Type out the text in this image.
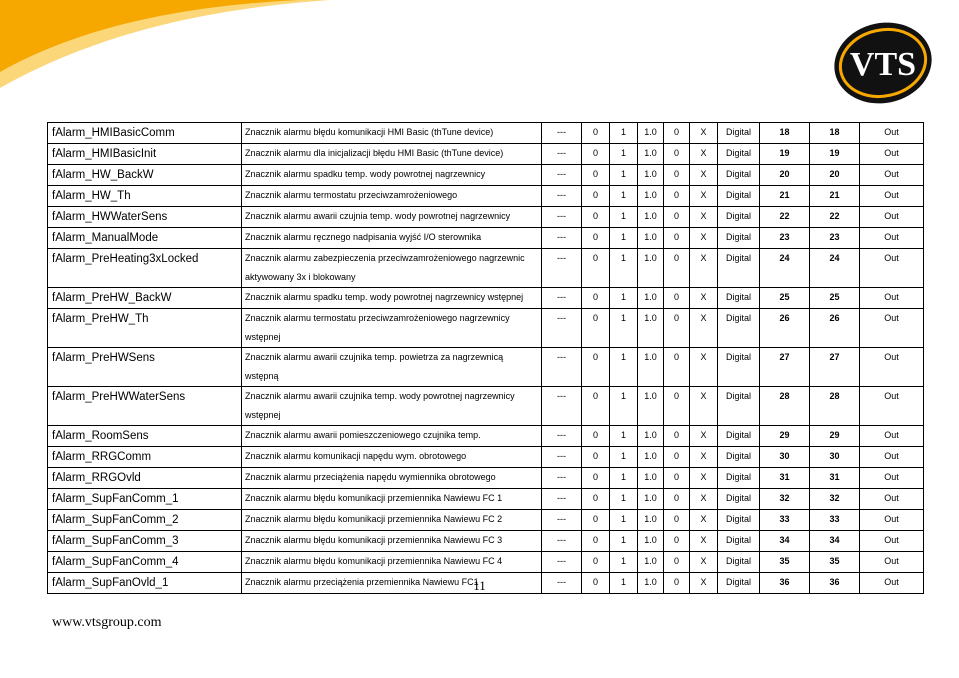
VTS
fAlarm_HMIBasicComm	Znacznik alarmu błędu komunikacji HMI Basic (thTune device)	---	0	1	1.0	0	X	Digital	18	18	Out
fAlarm_HMIBasicInit	Znacznik alarmu dla inicjalizacji błędu HMI Basic (thTune device)	---	0	1	1.0	0	X	Digital	19	19	Out
fAlarm_HW_BackW	Znacznik alarmu spadku temp. wody powrotnej nagrzewnicy	---	0	1	1.0	0	X	Digital	20	20	Out
fAlarm_HW_Th	Znacznik alarmu termostatu przeciwzamrożeniowego	---	0	1	1.0	0	X	Digital	21	21	Out
fAlarm_HWWaterSens	Znacznik alarmu awarii czujnia temp. wody powrotnej nagrzewnicy	---	0	1	1.0	0	X	Digital	22	22	Out
fAlarm_ManualMode	Znacznik alarmu ręcznego nadpisania wyjść I/O sterownika	---	0	1	1.0	0	X	Digital	23	23	Out
fAlarm_PreHeating3xLocked	Znacznik alarmu zabezpieczenia przeciwzamrożeniowego nagrzewnic aktywowany 3x i blokowany	---	0	1	1.0	0	X	Digital	24	24	Out
fAlarm_PreHW_BackW	Znacznik alarmu spadku temp. wody powrotnej nagrzewnicy wstępnej	---	0	1	1.0	0	X	Digital	25	25	Out
fAlarm_PreHW_Th	Znacznik alarmu termostatu przeciwzamrożeniowego nagrzewnicy wstępnej	---	0	1	1.0	0	X	Digital	26	26	Out
fAlarm_PreHWSens	Znacznik alarmu awarii czujnika temp. powietrza za nagrzewnicą wstępną	---	0	1	1.0	0	X	Digital	27	27	Out
fAlarm_PreHWWaterSens	Znacznik alarmu awarii czujnika temp. wody powrotnej nagrzewnicy wstępnej	---	0	1	1.0	0	X	Digital	28	28	Out
fAlarm_RoomSens	Znacznik alarmu awarii pomieszczeniowego czujnika temp.	---	0	1	1.0	0	X	Digital	29	29	Out
fAlarm_RRGComm	Znacznik alarmu komunikacji napędu wym. obrotowego	---	0	1	1.0	0	X	Digital	30	30	Out
fAlarm_RRGOvld	Znacznik alarmu przeciążenia napędu wymiennika obrotowego	---	0	1	1.0	0	X	Digital	31	31	Out
fAlarm_SupFanComm_1	Znacznik alarmu błędu komunikacji przemiennika Nawiewu FC 1	---	0	1	1.0	0	X	Digital	32	32	Out
fAlarm_SupFanComm_2	Znacznik alarmu błędu komunikacji przemiennika Nawiewu FC 2	---	0	1	1.0	0	X	Digital	33	33	Out
fAlarm_SupFanComm_3	Znacznik alarmu błędu komunikacji przemiennika Nawiewu FC 3	---	0	1	1.0	0	X	Digital	34	34	Out
fAlarm_SupFanComm_4	Znacznik alarmu błędu komunikacji przemiennika Nawiewu FC 4	---	0	1	1.0	0	X	Digital	35	35	Out
fAlarm_SupFanOvld_1	Znacznik alarmu przeciążenia przemiennika Nawiewu FC1	---	0	1	1.0	0	X	Digital	36	36	Out
11
www.vtsgroup.com
